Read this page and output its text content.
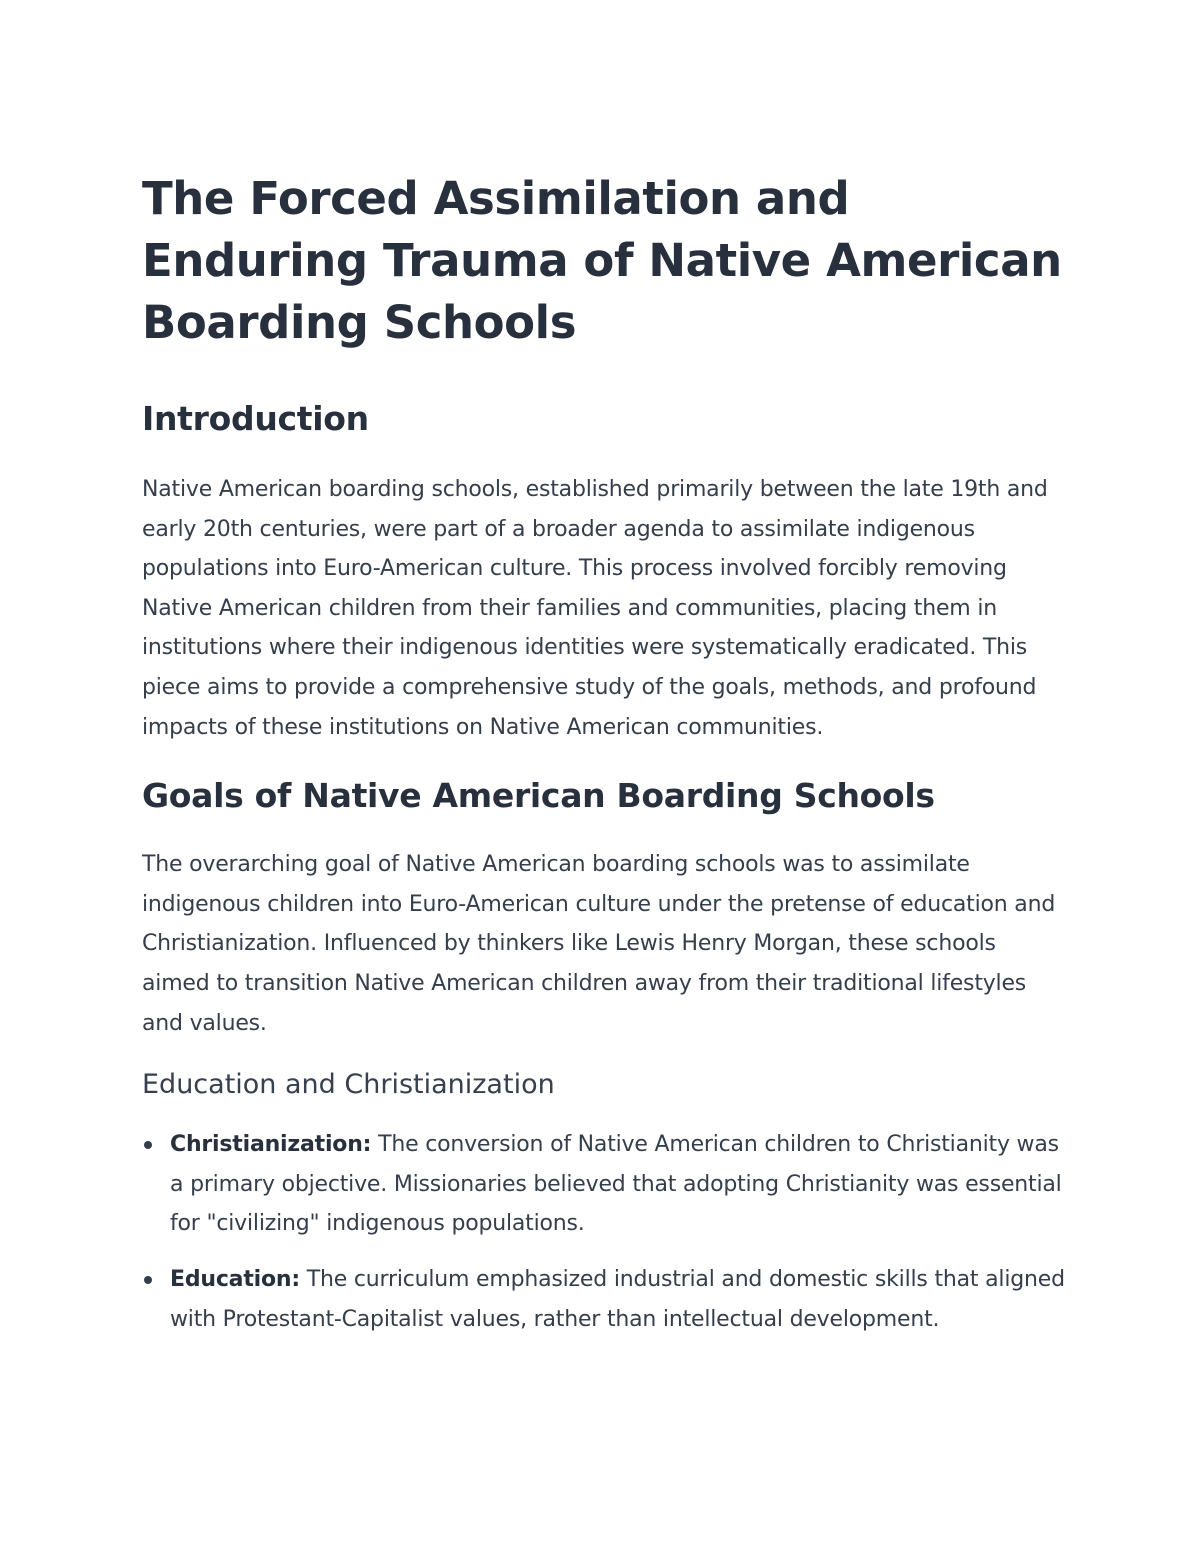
The Forced Assimilation and Enduring Trauma of Native American Boarding Schools
Introduction

Native American boarding schools, established primarily between the late 19th and early 20th centuries, were part of a broader agenda to assimilate indigenous populations into Euro-American culture. This process involved forcibly removing Native American children from their families and communities, placing them in institutions where their indigenous identities were systematically eradicated. This piece aims to provide a comprehensive study of the goals, methods, and profound impacts of these institutions on Native American communities.

Goals of Native American Boarding Schools

The overarching goal of Native American boarding schools was to assimilate indigenous children into Euro-American culture under the pretense of education and Christianization. Influenced by thinkers like Lewis Henry Morgan, these schools aimed to transition Native American children away from their traditional lifestyles and values.

Education and Christianization
Christianization: The conversion of Native American children to Christianity was a primary objective. Missionaries believed that adopting Christianity was essential for "civilizing" indigenous populations.
Education: The curriculum emphasized industrial and domestic skills that aligned with Protestant-Capitalist values, rather than intellectual development.
